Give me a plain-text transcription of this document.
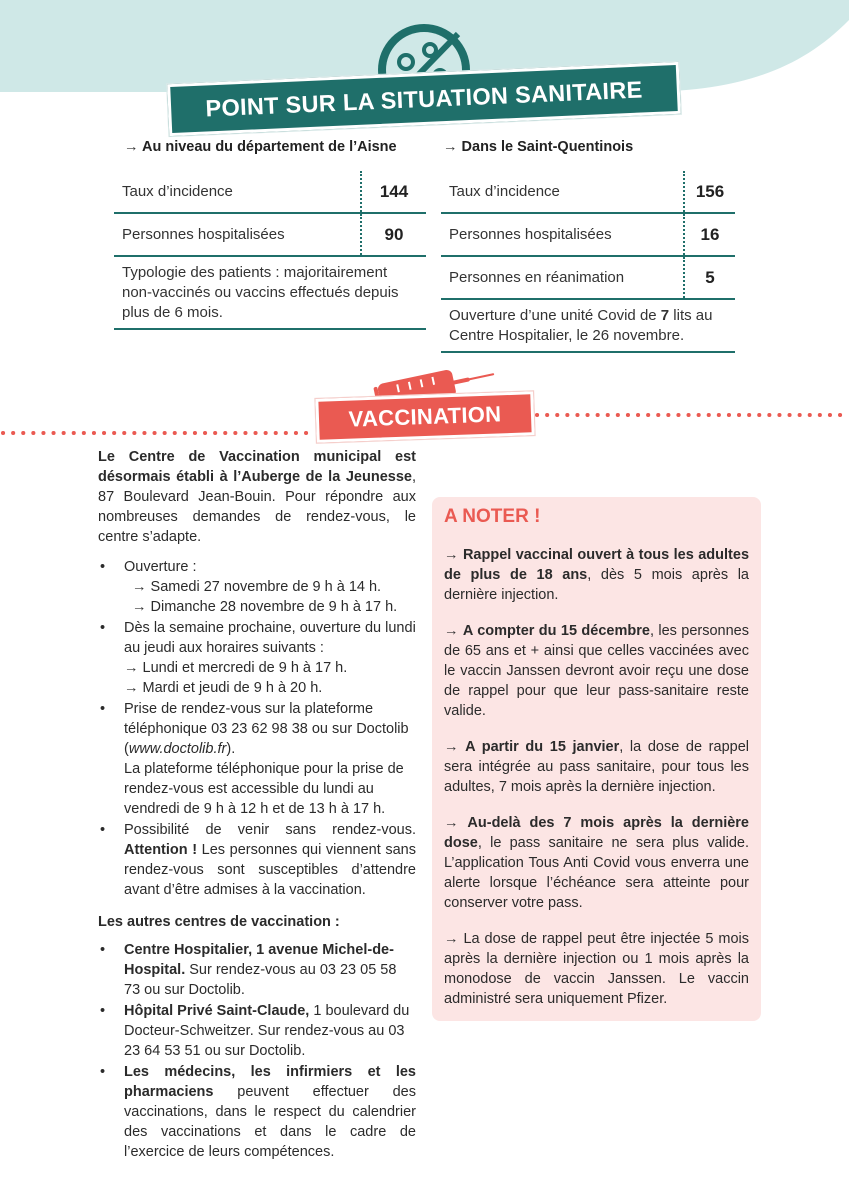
POINT SUR LA SITUATION SANITAIRE
→ Au niveau du département de l’Aisne
Taux d’incidence	144
Personnes hospitalisées	90
Typologie des patients : majoritairement non-vaccinés ou vaccins effectués depuis plus de 6 mois.
→ Dans le Saint-Quentinois
Taux d’incidence	156
Personnes hospitalisées	16
Personnes en réanimation	5
Ouverture d’une unité Covid de 7 lits au Centre Hospitalier, le 26 novembre.
VACCINATION

Le Centre de Vaccination municipal est désormais établi à l’Auberge de la Jeunesse, 87 Boulevard Jean-Bouin. Pour répondre aux nombreuses demandes de rendez-vous, le centre s’adapte.

• Ouverture :
→ Samedi 27 novembre de 9 h à 14 h.
→ Dimanche 28 novembre de 9 h à 17 h.
• Dès la semaine prochaine, ouverture du lundi au jeudi aux horaires suivants :
→ Lundi et mercredi de 9 h à 17 h.
→ Mardi et jeudi de 9 h à 20 h.
• Prise de rendez-vous sur la plateforme téléphonique 03 23 62 98 38 ou sur Doctolib (www.doctolib.fr).
La plateforme téléphonique pour la prise de rendez-vous est accessible du lundi au vendredi de 9 h à 12 h et de 13 h à 17 h.
• Possibilité de venir sans rendez-vous. Attention ! Les personnes qui viennent sans rendez-vous sont susceptibles d’attendre avant d’être admises à la vaccination.

Les autres centres de vaccination :

• Centre Hospitalier, 1 avenue Michel-de-Hospital. Sur rendez-vous au 03 23 05 58 73 ou sur Doctolib.
• Hôpital Privé Saint-Claude, 1 boulevard du Docteur-Schweitzer. Sur rendez-vous au 03 23 64 53 51 ou sur Doctolib.
• Les médecins, les infirmiers et les pharmaciens peuvent effectuer des vaccinations, dans le respect du calendrier des vaccinations et dans le cadre de l’exercice de leurs compétences.

A NOTER !

→ Rappel vaccinal ouvert à tous les adultes de plus de 18 ans, dès 5 mois après la dernière injection.

→ A compter du 15 décembre, les personnes de 65 ans et + ainsi que celles vaccinées avec le vaccin Janssen devront avoir reçu une dose de rappel pour que leur pass-sanitaire reste valide.

→ A partir du 15 janvier, la dose de rappel sera intégrée au pass sanitaire, pour tous les adultes, 7 mois après la dernière injection.

→ Au-delà des 7 mois après la dernière dose, le pass sanitaire ne sera plus valide. L’application Tous Anti Covid vous enverra une alerte lorsque l’échéance sera atteinte pour conserver votre pass.

→ La dose de rappel peut être injectée 5 mois après la dernière injection ou 1 mois après la monodose de vaccin Janssen. Le vaccin administré sera uniquement Pfizer.
